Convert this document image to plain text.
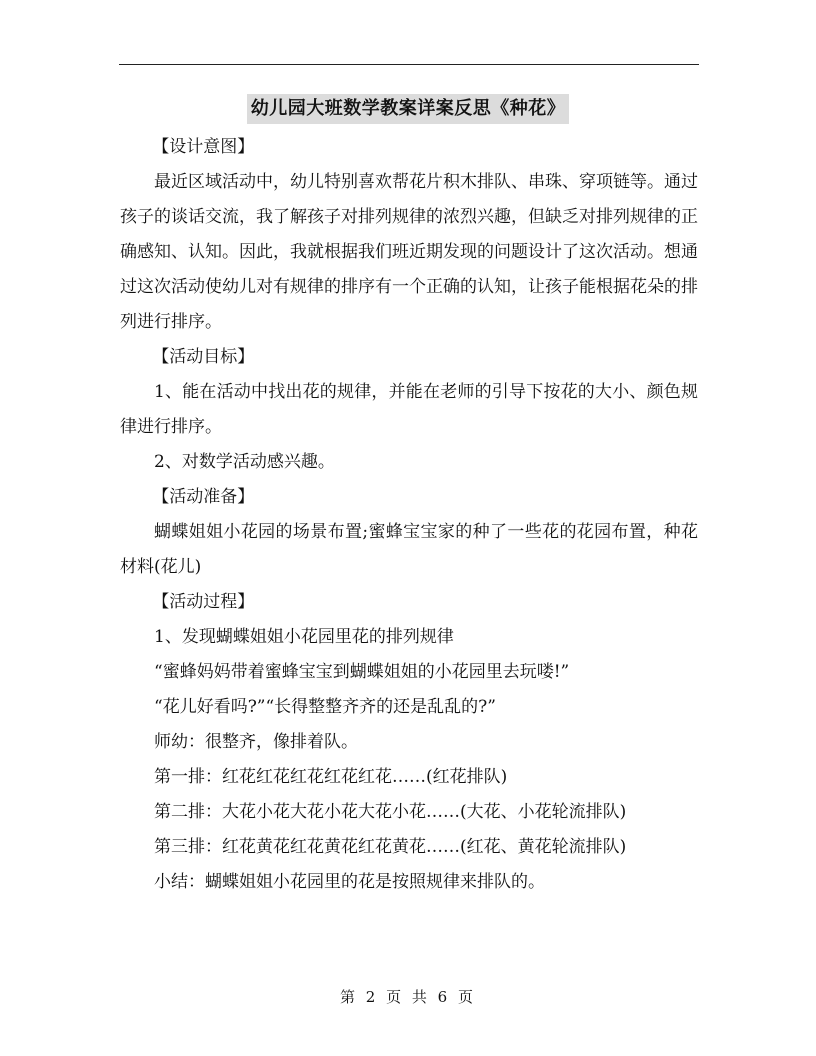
幼儿园大班数学教案详案反思《种花》

【设计意图】

最近区域活动中，幼儿特别喜欢帮花片积木排队、串珠、穿项链等。通过孩子的谈话交流，我了解孩子对排列规律的浓烈兴趣，但缺乏对排列规律的正确感知、认知。因此，我就根据我们班近期发现的问题设计了这次活动。想通过这次活动使幼儿对有规律的排序有一个正确的认知，让孩子能根据花朵的排列进行排序。

【活动目标】

1、能在活动中找出花的规律，并能在老师的引导下按花的大小、颜色规律进行排序。

2、对数学活动感兴趣。

【活动准备】

蝴蝶姐姐小花园的场景布置;蜜蜂宝宝家的种了一些花的花园布置，种花材料(花儿)

【活动过程】

1、发现蝴蝶姐姐小花园里花的排列规律

“蜜蜂妈妈带着蜜蜂宝宝到蝴蝶姐姐的小花园里去玩喽!”

“花儿好看吗?”“长得整整齐齐的还是乱乱的?”

师幼：很整齐，像排着队。

第一排：红花红花红花红花红花……(红花排队)

第二排：大花小花大花小花大花小花……(大花、小花轮流排队)

第三排：红花黄花红花黄花红花黄花……(红花、黄花轮流排队)

小结：蝴蝶姐姐小花园里的花是按照规律来排队的。

第 2 页 共 6 页
